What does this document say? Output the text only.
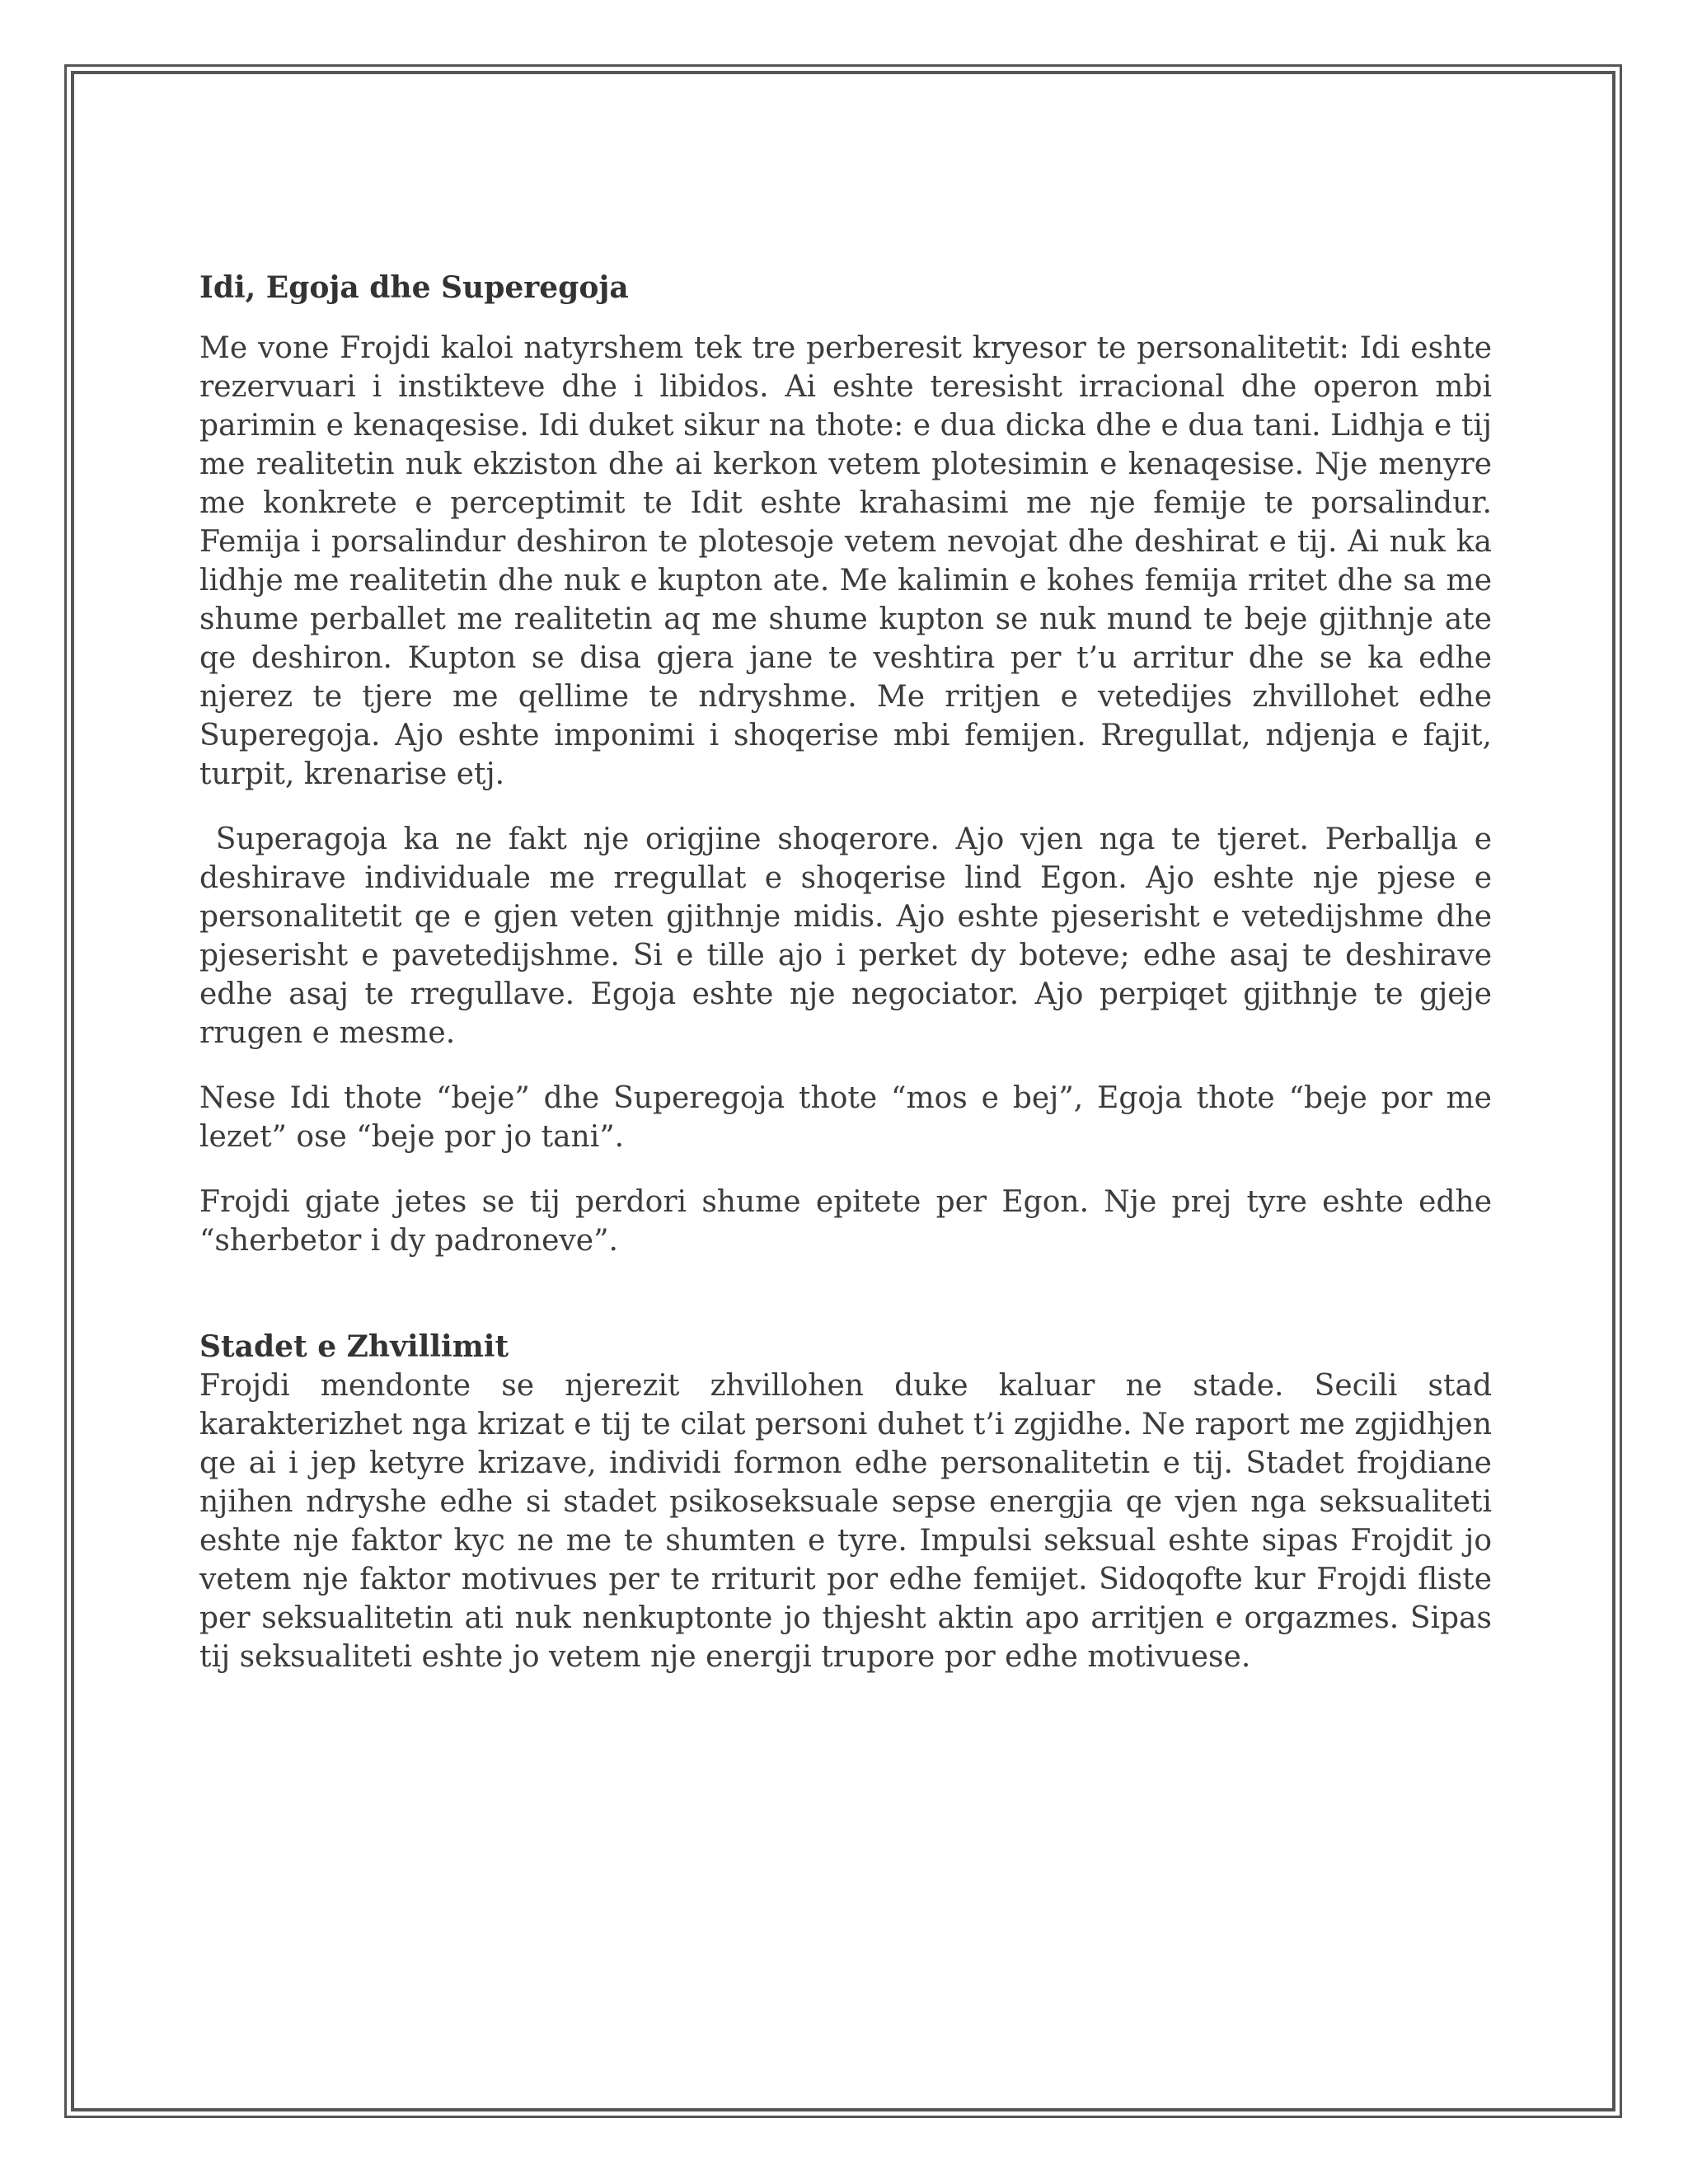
Idi, Egoja dhe Superegoja

Me vone Frojdi kaloi natyrshem tek tre perberesit kryesor te personalitetit: Idi eshte rezervuari i instikteve dhe i libidos. Ai eshte teresisht irracional dhe operon mbi parimin e kenaqesise. Idi duket sikur na thote: e dua dicka dhe e dua tani. Lidhja e tij me realitetin nuk ekziston dhe ai kerkon vetem plotesimin e kenaqesise. Nje menyre me konkrete e perceptimit te Idit eshte krahasimi me nje femije te porsalindur. Femija i porsalindur deshiron te plotesoje vetem nevojat dhe deshirat e tij. Ai nuk ka lidhje me realitetin dhe nuk e kupton ate. Me kalimin e kohes femija rritet dhe sa me shume perballet me realitetin aq me shume kupton se nuk mund te beje gjithnje ate qe deshiron. Kupton se disa gjera jane te veshtira per t’u arritur dhe se ka edhe njerez te tjere me qellime te ndryshme. Me rritjen e vetedijes zhvillohet edhe Superegoja. Ajo eshte imponimi i shoqerise mbi femijen. Rregullat, ndjenja e fajit, turpit, krenarise etj.

Superagoja ka ne fakt nje origjine shoqerore. Ajo vjen nga te tjeret. Perballja e deshirave individuale me rregullat e shoqerise lind Egon. Ajo eshte nje pjese e personalitetit qe e gjen veten gjithnje midis. Ajo eshte pjeserisht e vetedijshme dhe pjeserisht e pavetedijshme. Si e tille ajo i perket dy boteve; edhe asaj te deshirave edhe asaj te rregullave. Egoja eshte nje negociator. Ajo perpiqet gjithnje te gjeje rrugen e mesme.

Nese Idi thote “beje” dhe Superegoja thote “mos e bej”, Egoja thote “beje por me lezet” ose “beje por jo tani”.

Frojdi gjate jetes se tij perdori shume epitete per Egon. Nje prej tyre eshte edhe “sherbetor i dy padroneve”.

Stadet e Zhvillimit

Frojdi mendonte se njerezit zhvillohen duke kaluar ne stade. Secili stad karakterizhet nga krizat e tij te cilat personi duhet t’i zgjidhe. Ne raport me zgjidhjen qe ai i jep ketyre krizave, individi formon edhe personalitetin e tij. Stadet frojdiane njihen ndryshe edhe si stadet psikoseksuale sepse energjia qe vjen nga seksualiteti eshte nje faktor kyc ne me te shumten e tyre. Impulsi seksual eshte sipas Frojdit jo vetem nje faktor motivues per te rriturit por edhe femijet. Sidoqofte kur Frojdi fliste per seksualitetin ati nuk nenkuptonte jo thjesht aktin apo arritjen e orgazmes. Sipas tij seksualiteti eshte jo vetem nje energji trupore por edhe motivuese.
